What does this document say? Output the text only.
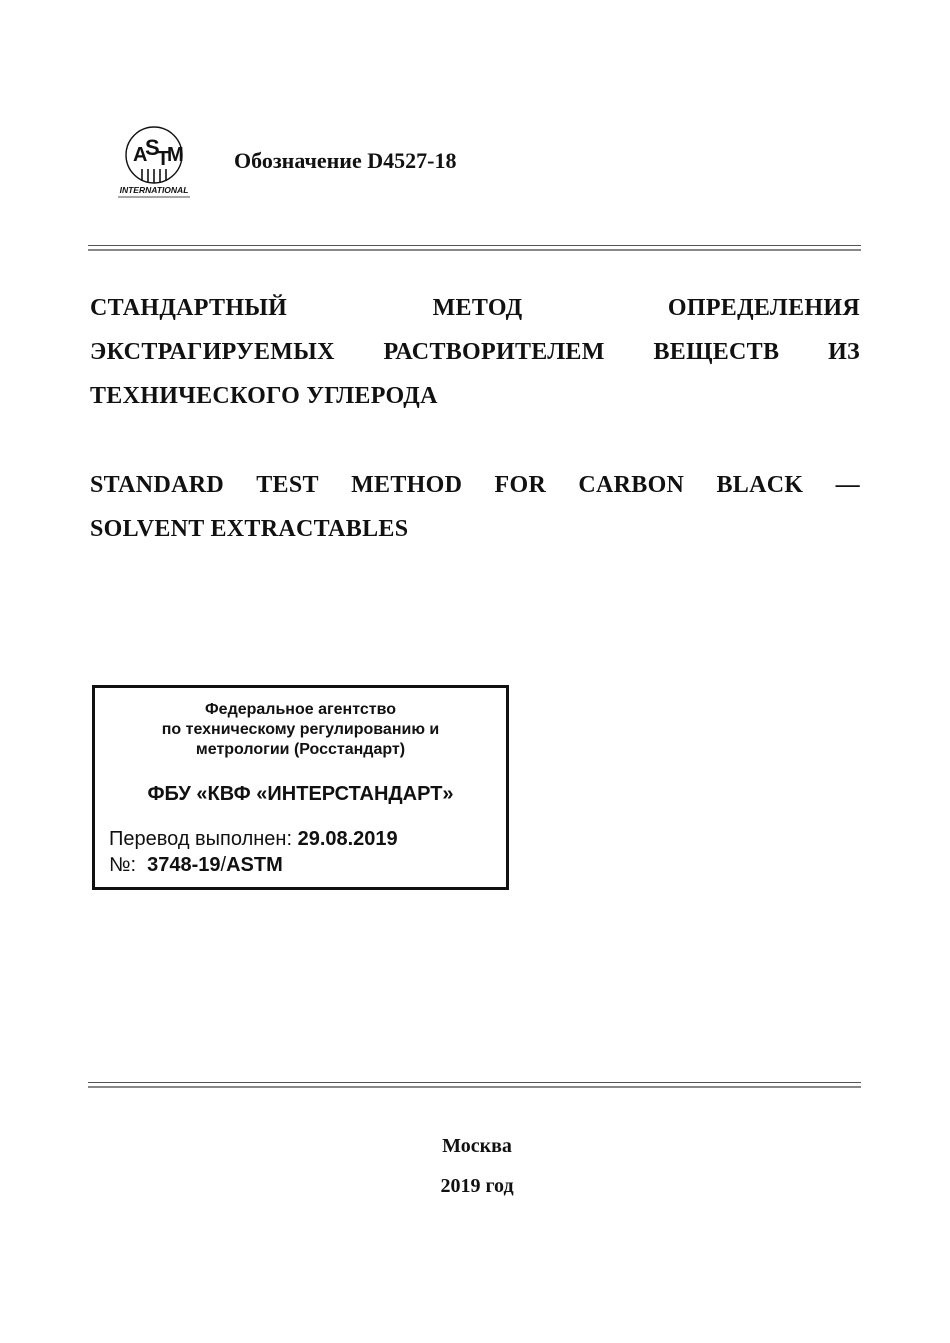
A
S
T
M
INTERNATIONAL
Обозначение D4527-18
СТАНДАРТНЫЙ	МЕТОД	ОПРЕДЕЛЕНИЯ
ЭКСТРАГИРУЕМЫХ РАСТВОРИТЕЛЕМ ВЕЩЕСТВ ИЗ
ТЕХНИЧЕСКОГО УГЛЕРОДА
STANDARD TEST METHOD FOR CARBON BLACK —
SOLVENT EXTRACTABLES
Федеральное агентство
по техническому регулированию и
метрологии (Росстандарт)
ФБУ «КВФ «ИНТЕРСТАНДАРТ»
Перевод выполнен: 29.08.2019
№:  3748-19/ASTM
Москва
2019 год
